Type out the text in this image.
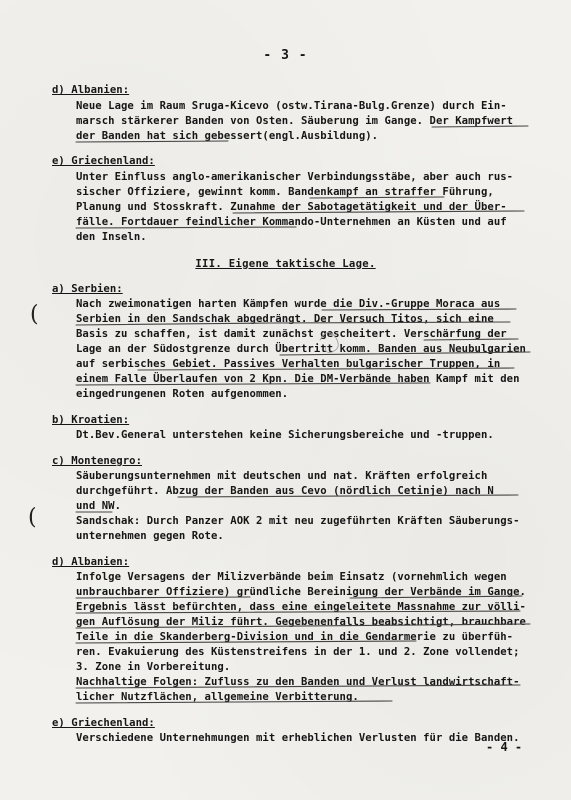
- 3 -
d) Albanien:
Neue Lage im Raum Sruga-Kicevo (ostw.Tirana-Bulg.Grenze) durch Ein-
marsch stärkerer Banden von Osten. Säuberung im Gange. Der Kampfwert
der Banden hat sich gebessert(engl.Ausbildung).
e) Griechenland:
Unter Einfluss anglo-amerikanischer Verbindungsstäbe, aber auch rus-
sischer Offiziere, gewinnt komm. Bandenkampf an straffer Führung,
Planung und Stosskraft. Zunahme der Sabotagetätigkeit und der Über-
fälle. Fortdauer feindlicher Kommando-Unternehmen an Küsten und auf
den Inseln.
III. Eigene taktische Lage.
a) Serbien:
Nach zweimonatigen harten Kämpfen wurde die Div.-Gruppe Moraca aus
Serbien in den Sandschak abgedrängt. Der Versuch Titos, sich eine
Basis zu schaffen, ist damit zunächst gescheitert. Verschärfung der
Lage an der Südostgrenze durch Übertritt komm. Banden aus Neubulgarien
auf serbisches Gebiet. Passives Verhalten bulgarischer Truppen, in
einem Falle Überlaufen von 2 Kpn. Die DM-Verbände haben Kampf mit den
eingedrungenen Roten aufgenommen.
b) Kroatien:
Dt.Bev.General unterstehen keine Sicherungsbereiche und -truppen.
c) Montenegro:
Säuberungsunternehmen mit deutschen und nat. Kräften erfolgreich
durchgeführt. Abzug der Banden aus Cevo (nördlich Cetinje) nach N
und NW.
Sandschak: Durch Panzer AOK 2 mit neu zugeführten Kräften Säuberungs-
unternehmen gegen Rote.
d) Albanien:
Infolge Versagens der Milizverbände beim Einsatz (vornehmlich wegen
unbrauchbarer Offiziere) gründliche Bereinigung der Verbände im Gange.
Ergebnis lässt befürchten, dass eine eingeleitete Massnahme zur völli-
gen Auflösung der Miliz führt. Gegebenenfalls beabsichtigt, brauchbare
Teile in die Skanderberg-Division und in die Gendarmerie zu überfüh-
ren. Evakuierung des Küstenstreifens in der 1. und 2. Zone vollendet;
3. Zone in Vorbereitung.
Nachhaltige Folgen: Zufluss zu den Banden und Verlust landwirtschaft-
licher Nutzflächen, allgemeine Verbitterung.
e) Griechenland:
Verschiedene Unternehmungen mit erheblichen Verlusten für die Banden.
- 4 -
(
(
